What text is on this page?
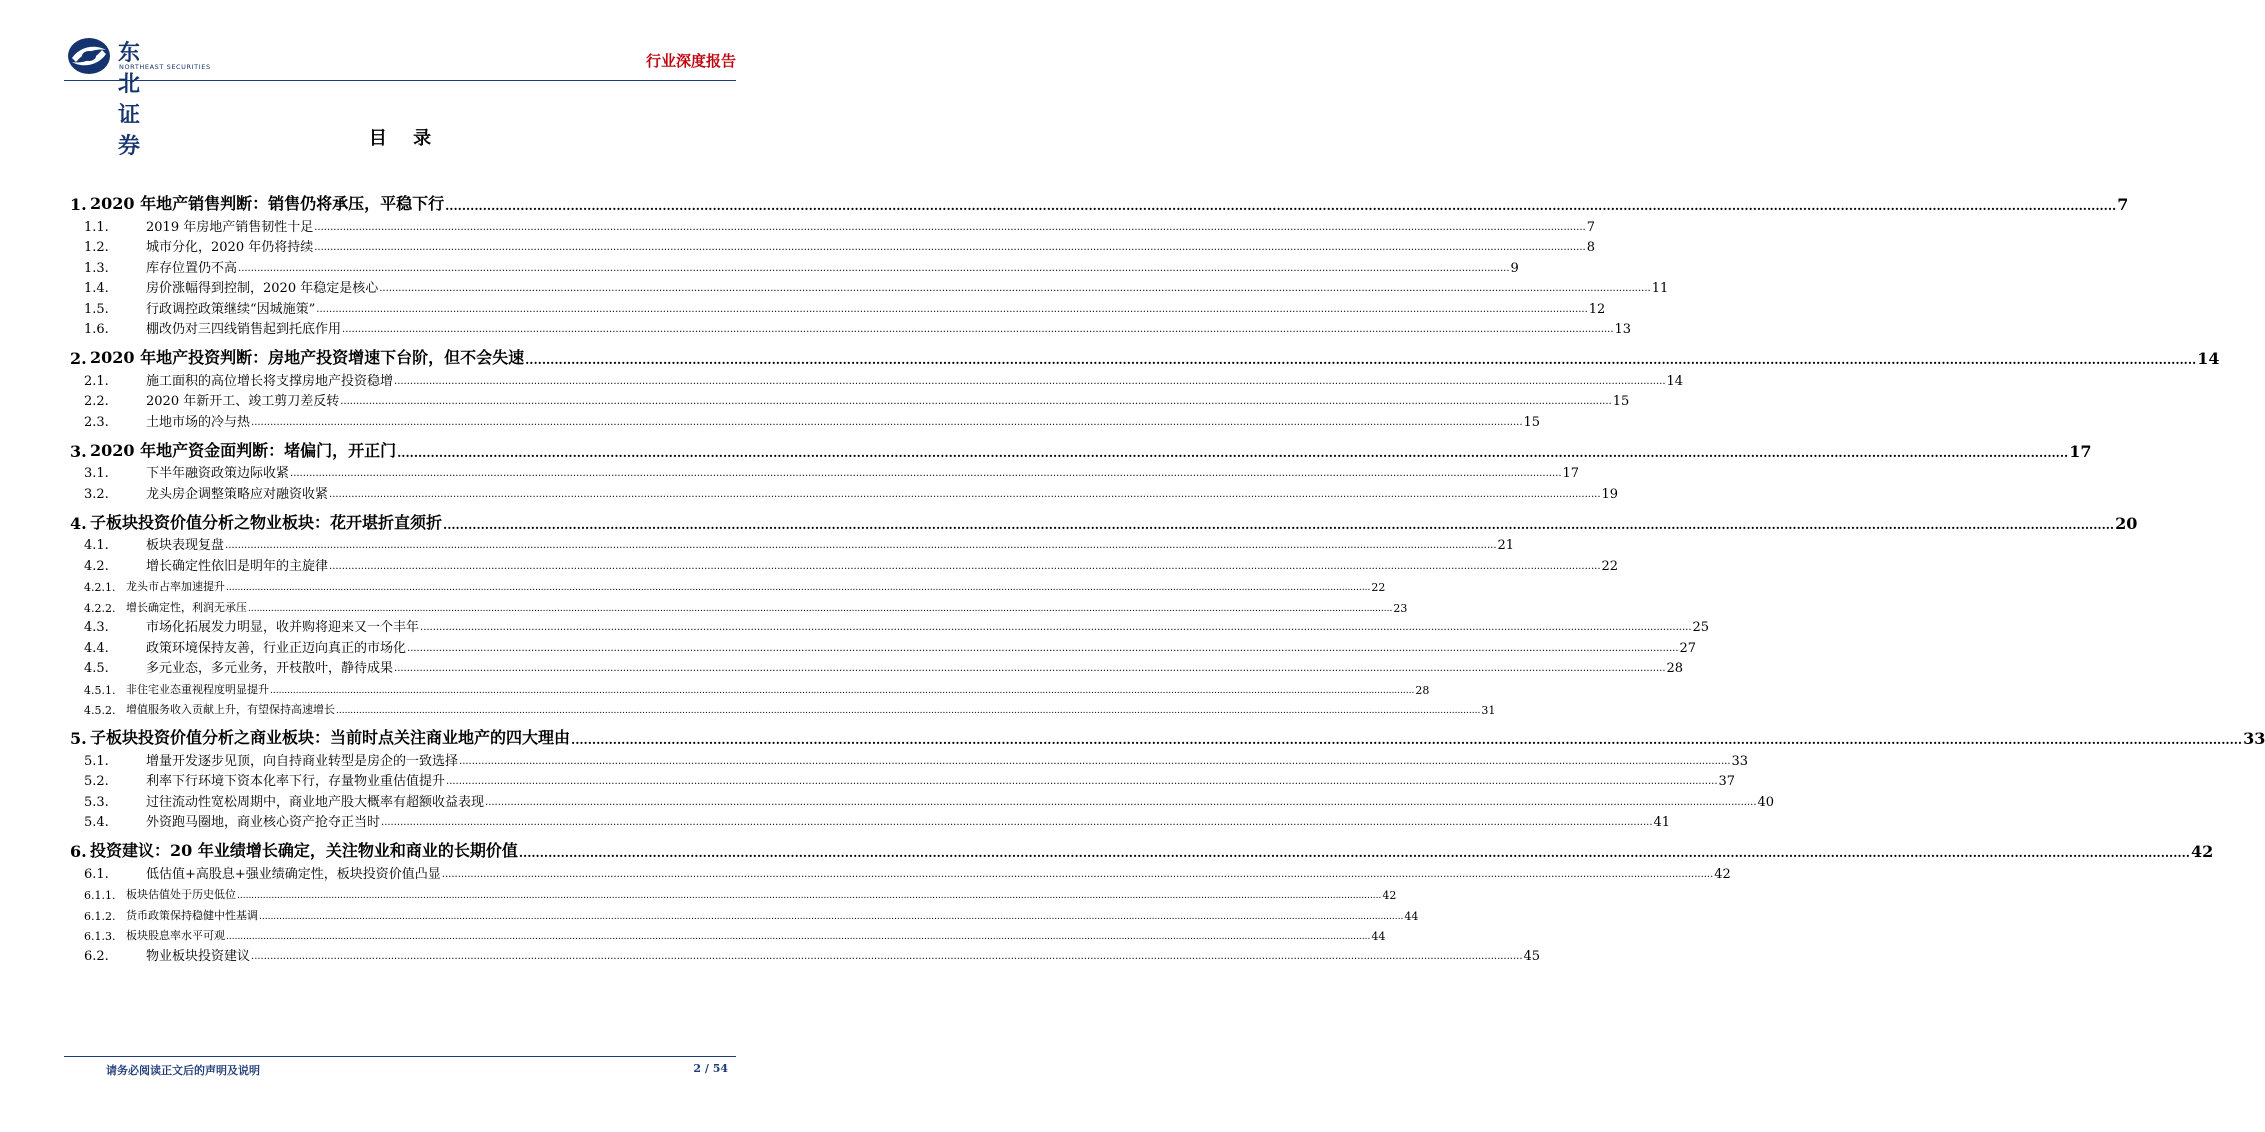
东北证券
NORTHEAST SECURITIES	行业深度报告
目 录
1. 2020 年地产销售判断：销售仍将承压，平稳下行 ................................................................................................................................................................................................................................................................................................................................................................................................................ 7
1.1.	2019 年房地产销售韧性十足 ................................................................................................................................................................................................................................................................................................................................................................................................................ 7
1.2.	城市分化，2020 年仍将持续 ................................................................................................................................................................................................................................................................................................................................................................................................................ 8
1.3.	库存位置仍不高 ................................................................................................................................................................................................................................................................................................................................................................................................................ 9
1.4.	房价涨幅得到控制，2020 年稳定是核心 ................................................................................................................................................................................................................................................................................................................................................................................................................ 11
1.5.	行政调控政策继续“因城施策” ................................................................................................................................................................................................................................................................................................................................................................................................................ 12
1.6.	棚改仍对三四线销售起到托底作用 ................................................................................................................................................................................................................................................................................................................................................................................................................ 13
2. 2020 年地产投资判断：房地产投资增速下台阶，但不会失速 ................................................................................................................................................................................................................................................................................................................................................................................................................ 14
2.1.	施工面积的高位增长将支撑房地产投资稳增 ................................................................................................................................................................................................................................................................................................................................................................................................................ 14
2.2.	2020 年新开工、竣工剪刀差反转 ................................................................................................................................................................................................................................................................................................................................................................................................................ 15
2.3.	土地市场的冷与热 ................................................................................................................................................................................................................................................................................................................................................................................................................ 15
3. 2020 年地产资金面判断：堵偏门，开正门 ................................................................................................................................................................................................................................................................................................................................................................................................................ 17
3.1.	下半年融资政策边际收紧 ................................................................................................................................................................................................................................................................................................................................................................................................................ 17
3.2.	龙头房企调整策略应对融资收紧 ................................................................................................................................................................................................................................................................................................................................................................................................................ 19
4. 子板块投资价值分析之物业板块：花开堪折直须折 ................................................................................................................................................................................................................................................................................................................................................................................................................ 20
4.1.	板块表现复盘 ................................................................................................................................................................................................................................................................................................................................................................................................................ 21
4.2.	增长确定性依旧是明年的主旋律 ................................................................................................................................................................................................................................................................................................................................................................................................................ 22
4.2.1. 龙头市占率加速提升 ................................................................................................................................................................................................................................................................................................................................................................................................................ 22
4.2.2. 增长确定性，利润无承压 ................................................................................................................................................................................................................................................................................................................................................................................................................ 23
4.3.	市场化拓展发力明显，收并购将迎来又一个丰年 ................................................................................................................................................................................................................................................................................................................................................................................................................ 25
4.4.	政策环境保持友善，行业正迈向真正的市场化 ................................................................................................................................................................................................................................................................................................................................................................................................................ 27
4.5.	多元业态，多元业务，开枝散叶，静待成果 ................................................................................................................................................................................................................................................................................................................................................................................................................ 28
4.5.1. 非住宅业态重视程度明显提升 ................................................................................................................................................................................................................................................................................................................................................................................................................ 28
4.5.2. 增值服务收入贡献上升，有望保持高速增长 ................................................................................................................................................................................................................................................................................................................................................................................................................ 31
5. 子板块投资价值分析之商业板块：当前时点关注商业地产的四大理由 ................................................................................................................................................................................................................................................................................................................................................................................................................ 33
5.1.	增量开发逐步见顶，向自持商业转型是房企的一致选择 ................................................................................................................................................................................................................................................................................................................................................................................................................ 33
5.2.	利率下行环境下资本化率下行，存量物业重估值提升 ................................................................................................................................................................................................................................................................................................................................................................................................................ 37
5.3.	过往流动性宽松周期中，商业地产股大概率有超额收益表现 ................................................................................................................................................................................................................................................................................................................................................................................................................ 40
5.4.	外资跑马圈地，商业核心资产抢夺正当时 ................................................................................................................................................................................................................................................................................................................................................................................................................ 41
6. 投资建议：20 年业绩增长确定，关注物业和商业的长期价值 ................................................................................................................................................................................................................................................................................................................................................................................................................ 42
6.1.	低估值+高股息+强业绩确定性，板块投资价值凸显 ................................................................................................................................................................................................................................................................................................................................................................................................................ 42
6.1.1. 板块估值处于历史低位 ................................................................................................................................................................................................................................................................................................................................................................................................................ 42
6.1.2. 货币政策保持稳健中性基调 ................................................................................................................................................................................................................................................................................................................................................................................................................ 44
6.1.3. 板块股息率水平可观 ................................................................................................................................................................................................................................................................................................................................................................................................................ 44
6.2.	物业板块投资建议 ................................................................................................................................................................................................................................................................................................................................................................................................................ 45
请务必阅读正文后的声明及说明	2 / 54
